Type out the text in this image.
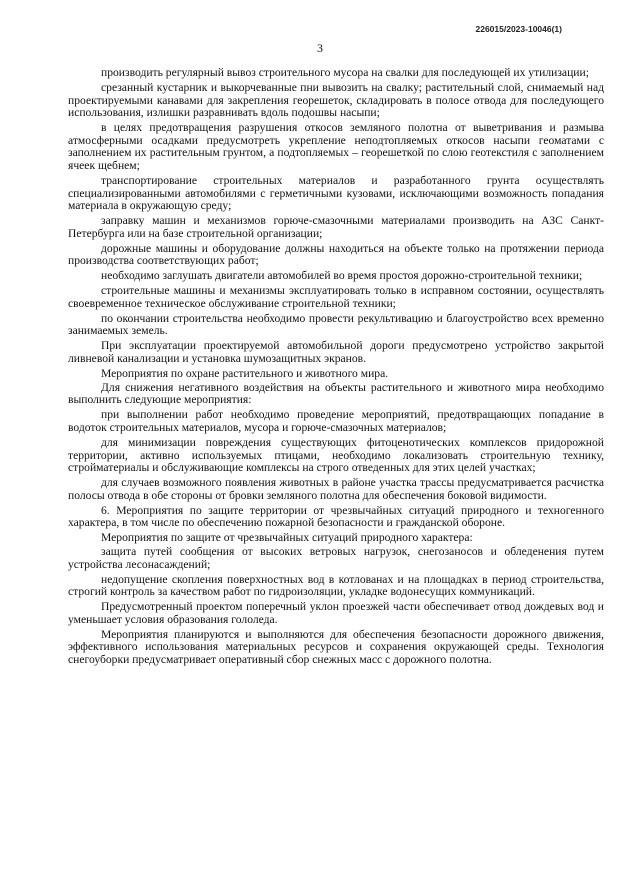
226015/2023-10046(1)
3

производить регулярный вывоз строительного мусора на свалки для последующей их утилизации;

срезанный кустарник и выкорчеванные пни вывозить на свалку; растительный слой, снимаемый над проектируемыми канавами для закрепления георешеток, складировать в полосе отвода для последующего использования, излишки разравнивать вдоль подошвы насыпи;

в целях предотвращения разрушения откосов земляного полотна от выветривания и размыва атмосферными осадками предусмотреть укрепление неподтопляемых откосов насыпи геоматами с заполнением их растительным грунтом, а подтопляемых – георешеткой по слою геотекстиля с заполнением ячеек щебнем;

транспортирование строительных материалов и разработанного грунта осуществлять специализированными автомобилями с герметичными кузовами, исключающими возможность попадания материала в окружающую среду;

заправку машин и механизмов горюче-смазочными материалами производить на АЗС Санкт-Петербурга или на базе строительной организации;

дорожные машины и оборудование должны находиться на объекте только на протяжении периода производства соответствующих работ;

необходимо заглушать двигатели автомобилей во время простоя дорожно-строительной техники;

строительные машины и механизмы эксплуатировать только в исправном состоянии, осуществлять своевременное техническое обслуживание строительной техники;

по окончании строительства необходимо провести рекультивацию и благоустройство всех временно занимаемых земель.

При эксплуатации проектируемой автомобильной дороги предусмотрено устройство закрытой ливневой канализации и установка шумозащитных экранов.

Мероприятия по охране растительного и животного мира.

Для снижения негативного воздействия на объекты растительного и животного мира необходимо выполнить следующие мероприятия:

при выполнении работ необходимо проведение мероприятий, предотвращающих попадание в водоток строительных материалов, мусора и горюче-смазочных материалов;

для минимизации повреждения существующих фитоценотических комплексов придорожной территории, активно используемых птицами, необходимо локализовать строительную технику, стройматериалы и обслуживающие комплексы на строго отведенных для этих целей участках;

для случаев возможного появления животных в районе участка трассы предусматривается расчистка полосы отвода в обе стороны от бровки земляного полотна для обеспечения боковой видимости.

6. Мероприятия по защите территории от чрезвычайных ситуаций природного и техногенного характера, в том числе по обеспечению пожарной безопасности и гражданской обороне.

Мероприятия по защите от чрезвычайных ситуаций природного характера:

защита путей сообщения от высоких ветровых нагрузок, снегозаносов и обледенения путем устройства лесонасаждений;

недопущение скопления поверхностных вод в котлованах и на площадках в период строительства, строгий контроль за качеством работ по гидроизоляции, укладке водонесущих коммуникаций.

Предусмотренный проектом поперечный уклон проезжей части обеспечивает отвод дождевых вод и уменьшает условия образования гололеда.

Мероприятия планируются и выполняются для обеспечения безопасности дорожного движения, эффективного использования материальных ресурсов и сохранения окружающей среды. Технология снегоуборки предусматривает оперативный сбор снежных масс с дорожного полотна.
